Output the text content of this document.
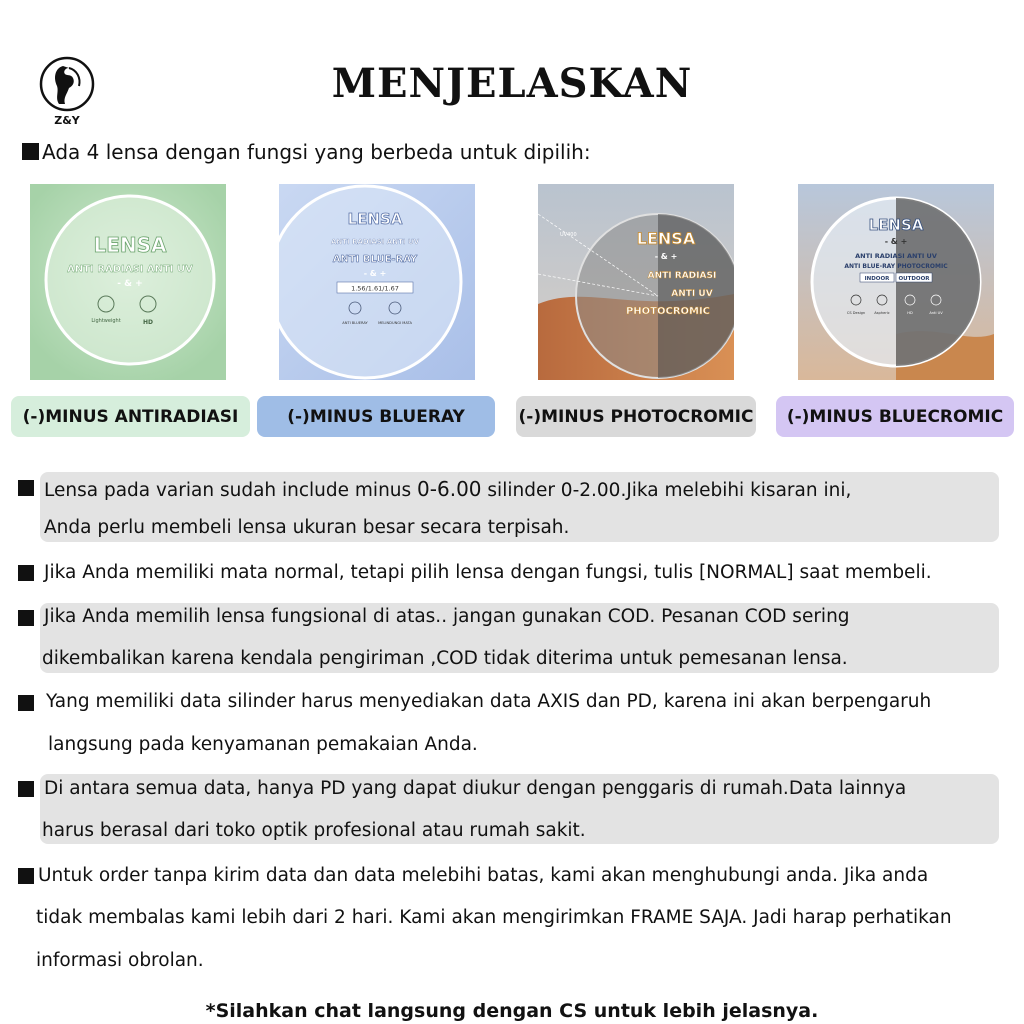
Z&Y
MENJELASKAN
Ada 4 lensa dengan fungsi yang berbeda untuk dipilih:
LENSA
ANTI RADIASI ANTI UV
- & +
Lightweight	HD
LENSA
ANTI RADIASI ANTI UV
ANTI BLUE-RAY
- & +
1.56/1.61/1.67
ANTI BLUERAY	MELINDUNGI MATA
UV400	LENSA
- & +
ANTI RADIASI
ANTI UV
PHOTOCROMIC
LENSA
- & +
ANTI RADIASI ANTI UV
ANTI BLUE-RAY PHOTOCROMIC
INDOOR OUTDOOR
CS Design	Aspheric	HD	Anti UV
(-)MINUS ANTIRADIASI	(-)MINUS BLUERAY	(-)MINUS PHOTOCROMIC	(-)MINUS BLUECROMIC
Lensa pada varian sudah include minus 0-6.00 silinder 0-2.00.Jika melebihi kisaran ini,
Anda perlu membeli lensa ukuran besar secara terpisah.
Jika Anda memiliki mata normal, tetapi pilih lensa dengan fungsi, tulis [NORMAL] saat membeli.
Jika Anda memilih lensa fungsional di atas.. jangan gunakan COD. Pesanan COD sering
dikembalikan karena kendala pengiriman ,COD tidak diterima untuk pemesanan lensa.
Yang memiliki data silinder harus menyediakan data AXIS dan PD, karena ini akan berpengaruh
langsung pada kenyamanan pemakaian Anda.
Di antara semua data, hanya PD yang dapat diukur dengan penggaris di rumah.Data lainnya
harus berasal dari toko optik profesional atau rumah sakit.
Untuk order tanpa kirim data dan data melebihi batas, kami akan menghubungi anda. Jika anda
tidak membalas kami lebih dari 2 hari. Kami akan mengirimkan FRAME SAJA. Jadi harap perhatikan
informasi obrolan.
*Silahkan chat langsung dengan CS untuk lebih jelasnya.
